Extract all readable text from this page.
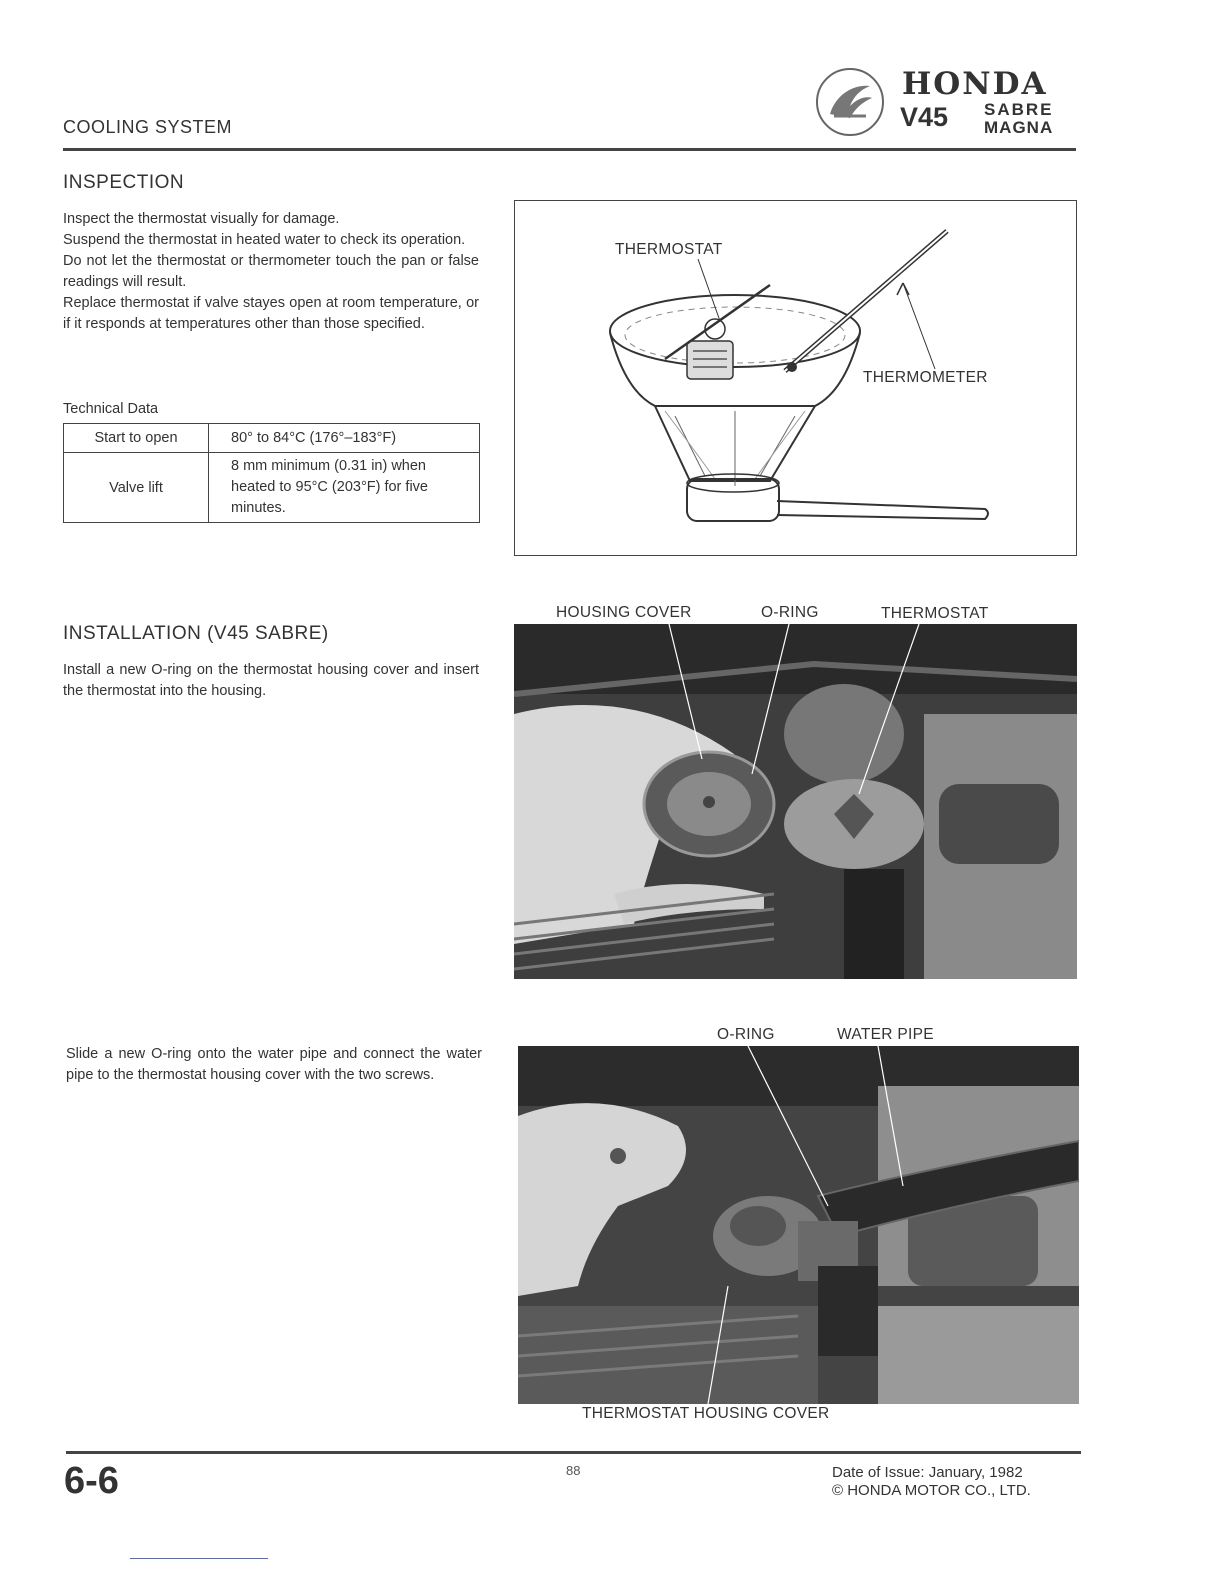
COOLING SYSTEM
HONDA
V45 SABRE
MAGNA
INSPECTION
Inspect the thermostat visually for damage.
Suspend the thermostat in heated water to check its operation.
Do not let the thermostat or thermometer touch the pan or false readings will result.
Replace thermostat if valve stayes open at room temperature, or if it responds at temperatures other than those specified.
Technical Data
Start to open	80° to 84°C (176°–183°F)
Valve lift	8 mm minimum (0.31 in) when heated to 95°C (203°F) for five minutes.
THERMOSTAT
THERMOMETER
INSTALLATION (V45 SABRE)
Install a new O-ring on the thermostat housing cover and insert the thermostat into the housing.
HOUSING COVER	O-RING	THERMOSTAT
Slide a new O-ring onto the water pipe and connect the water pipe to the thermostat housing cover with the two screws.
O-RING	WATER PIPE
THERMOSTAT HOUSING COVER
6-6	88	Date of Issue: January, 1982
© HONDA MOTOR CO., LTD.
